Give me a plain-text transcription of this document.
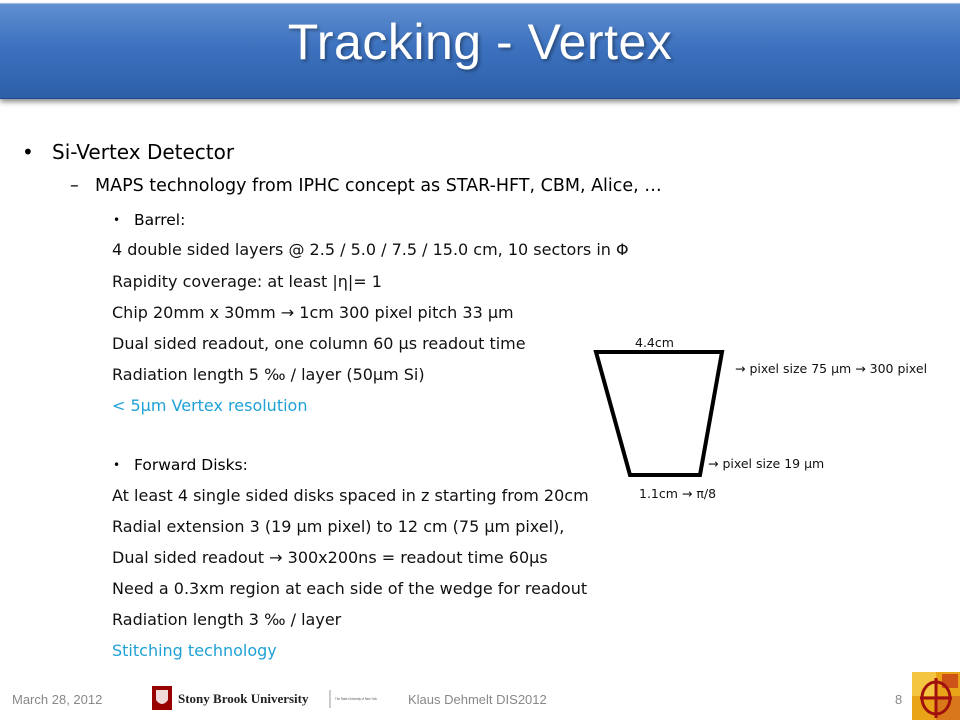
Tracking - Vertex
• Si-Vertex Detector
– MAPS technology from IPHC concept as STAR-HFT, CBM, Alice, …
• Barrel:
4 double sided layers @ 2.5 / 5.0 / 7.5 / 15.0 cm, 10 sectors in Φ
Rapidity coverage: at least |η|= 1
Chip 20mm x 30mm → 1cm 300 pixel pitch 33 μm
Dual sided readout, one column 60 μs readout time
Radiation length 5 ‰ / layer (50μm Si)
< 5μm Vertex resolution
• Forward Disks:
At least 4 single sided disks spaced in z starting from 20cm
Radial extension 3 (19 μm pixel) to 12 cm (75 μm pixel),
Dual sided readout → 300x200ns = readout time 60μs
Need a 0.3xm region at each side of the wedge for readout
Radiation length 3 ‰ / layer
Stitching technology
4.4cm
→ pixel size 75 μm → 300 pixel
→ pixel size 19 μm
1.1cm → π/8
March 28, 2012	Klaus Dehmelt DIS2012	8
Stony Brook University	The State University of New York
